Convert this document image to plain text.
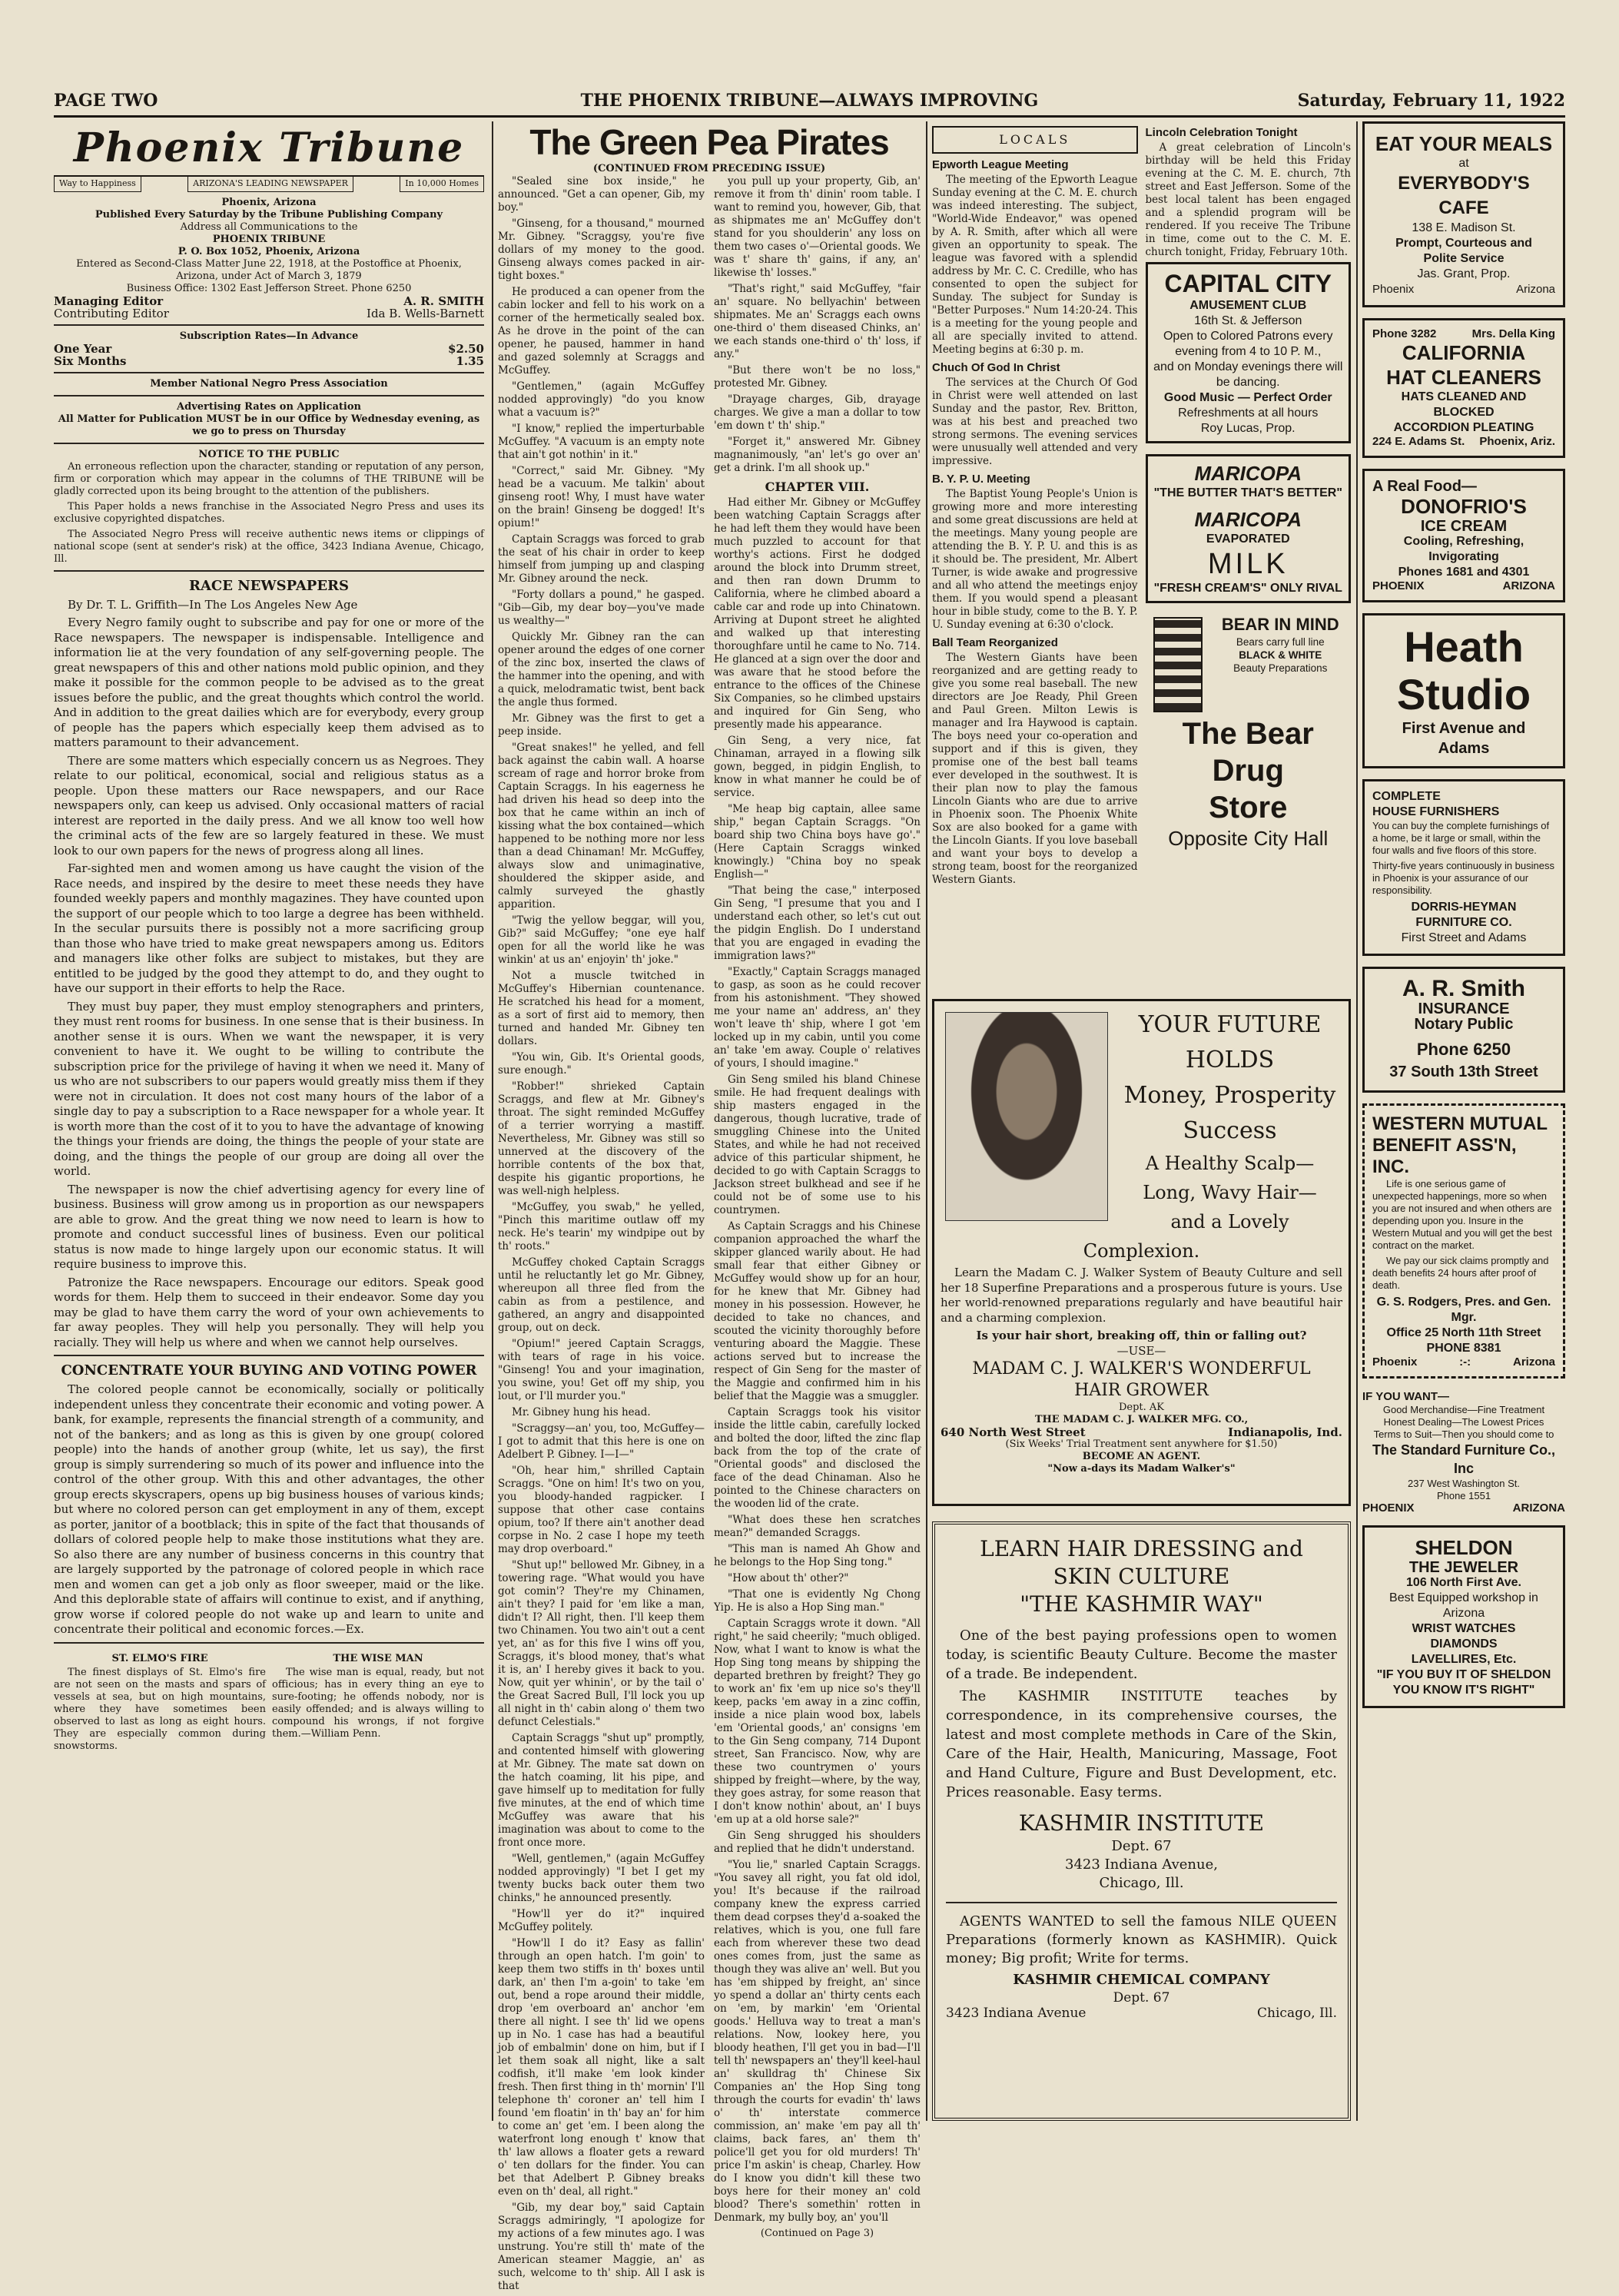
PAGE TWO	THE PHOENIX TRIBUNE—ALWAYS IMPROVING	Saturday, February 11, 1922
Phoenix Tribune
Way to Happiness	ARIZONA'S LEADING NEWSPAPER	In 10,000 Homes
Phoenix, Arizona
Published Every Saturday by the Tribune Publishing Company
Address all Communications to the
PHOENIX TRIBUNE
P. O. Box 1052, Phoenix, Arizona
Entered as Second-Class Matter June 22, 1918, at the Postoffice at Phoenix, Arizona, under Act of March 3, 1879
Business Office: 1302 East Jefferson Street. Phone 6250
Managing Editor	A. R. SMITH
Contributing Editor	Ida B. Wells-Barnett
Subscription Rates—In Advance
One Year	$2.50
Six Months	1.35
Member National Negro Press Association
Advertising Rates on Application
All Matter for Publication MUST be in our Office by Wednesday evening, as we go to press on Thursday
NOTICE TO THE PUBLIC

An erroneous reflection upon the character, standing or reputation of any person, firm or corporation which may appear in the columns of THE TRIBUNE will be gladly corrected upon its being brought to the attention of the publishers.

This Paper holds a news franchise in the Associated Negro Press and uses its exclusive copyrighted dispatches.

The Associated Negro Press will receive authentic news items or clippings of national scope (sent at sender's risk) at the office, 3423 Indiana Avenue, Chicago, Ill.

RACE NEWSPAPERS

By Dr. T. L. Griffith—In The Los Angeles New Age

Every Negro family ought to subscribe and pay for one or more of the Race newspapers. The newspaper is indispensable. Intelligence and information lie at the very foundation of any self-governing people. The great newspapers of this and other nations mold public opinion, and they make it possible for the common people to be advised as to the great issues before the public, and the great thoughts which control the world. And in addition to the great dailies which are for everybody, every group of people has the papers which especially keep them advised as to matters paramount to their advancement.

There are some matters which especially concern us as Negroes. They relate to our political, economical, social and religious status as a people. Upon these matters our Race newspapers, and our Race newspapers only, can keep us advised. Only occasional matters of racial interest are reported in the daily press. And we all know too well how the criminal acts of the few are so largely featured in these. We must look to our own papers for the news of progress along all lines.

Far-sighted men and women among us have caught the vision of the Race needs, and inspired by the desire to meet these needs they have founded weekly papers and monthly magazines. They have counted upon the support of our people which to too large a degree has been withheld. In the secular pursuits there is possibly not a more sacrificing group than those who have tried to make great newspapers among us. Editors and managers like other folks are subject to mistakes, but they are entitled to be judged by the good they attempt to do, and they ought to have our support in their efforts to help the Race.

They must buy paper, they must employ stenographers and printers, they must rent rooms for business. In one sense that is their business. In another sense it is ours. When we want the newspaper, it is very convenient to have it. We ought to be willing to contribute the subscription price for the privilege of having it when we need it. Many of us who are not subscribers to our papers would greatly miss them if they were not in circulation. It does not cost many hours of the labor of a single day to pay a subscription to a Race newspaper for a whole year. It is worth more than the cost of it to you to have the advantage of knowing the things your friends are doing, the things the people of your state are doing, and the things the people of our group are doing all over the world.

The newspaper is now the chief advertising agency for every line of business. Business will grow among us in proportion as our newspapers are able to grow. And the great thing we now need to learn is how to promote and conduct successful lines of business. Even our political status is now made to hinge largely upon our economic status. It will require business to improve this.

Patronize the Race newspapers. Encourage our editors. Speak good words for them. Help them to succeed in their endeavor. Some day you may be glad to have them carry the word of your own achievements to far away peoples. They will help you personally. They will help you racially. They will help us where and when we cannot help ourselves.

CONCENTRATE YOUR BUYING AND VOTING POWER

The colored people cannot be economically, socially or politically independent unless they concentrate their economic and voting power. A bank, for example, represents the financial strength of a community, and not of the bankers; and as long as this is given by one group( colored people) into the hands of another group (white, let us say), the first group is simply surrendering so much of its power and influence into the control of the other group. With this and other advantages, the other group erects skyscrapers, opens up big business houses of various kinds; but where no colored person can get employment in any of them, except as porter, janitor of a bootblack; this in spite of the fact that thousands of dollars of colored people help to make those institutions what they are. So also there are any number of business concerns in this country that are largely supported by the patronage of colored people in which race men and women can get a job only as floor sweeper, maid or the like. And this deplorable state of affairs will continue to exist, and if anything, grow worse if colored people do not wake up and learn to unite and concentrate their political and economic forces.—Ex.

ST. ELMO'S FIRE

The finest displays of St. Elmo's fire are not seen on the masts and spars of vessels at sea, but on high mountains, where they have sometimes been observed to last as long as eight hours. They are especially common during snowstorms.

THE WISE MAN

The wise man is equal, ready, but not officious; has in every thing an eye to sure-footing; he offends nobody, nor is easily offended; and is always willing to compound his wrongs, if not forgive them.—William Penn.

The Green Pea Pirates
(CONTINUED FROM PRECEDING ISSUE)

"Sealed sine box inside," he announced. "Get a can opener, Gib, my boy."

"Ginseng, for a thousand," mourned Mr. Gibney. "Scraggsy, you're five dollars of my money to the good. Ginseng always comes packed in air-tight boxes."

He produced a can opener from the cabin locker and fell to his work on a corner of the hermetically sealed box. As he drove in the point of the can opener, he paused, hammer in hand and gazed solemnly at Scraggs and McGuffey.

"Gentlemen," (again McGuffey nodded approvingly) "do you know what a vacuum is?"

"I know," replied the imperturbable McGuffey. "A vacuum is an empty note that ain't got nothin' in it."

"Correct," said Mr. Gibney. "My head be a vacuum. Me talkin' about ginseng root! Why, I must have water on the brain! Ginseng be dogged! It's opium!"

Captain Scraggs was forced to grab the seat of his chair in order to keep himself from jumping up and clasping Mr. Gibney around the neck.

"Forty dollars a pound," he gasped. "Gib—Gib, my dear boy—you've made us wealthy—"

Quickly Mr. Gibney ran the can opener around the edges of one corner of the zinc box, inserted the claws of the hammer into the opening, and with a quick, melodramatic twist, bent back the angle thus formed.

Mr. Gibney was the first to get a peep inside.

"Great snakes!" he yelled, and fell back against the cabin wall. A hoarse scream of rage and horror broke from Captain Scraggs. In his eagerness he had driven his head so deep into the box that he came within an inch of kissing what the box contained—which happened to be nothing more nor less than a dead Chinaman! Mr. McGuffey, always slow and unimaginative, shouldered the skipper aside, and calmly surveyed the ghastly apparition.

"Twig the yellow beggar, will you, Gib?" said McGuffey; "one eye half open for all the world like he was winkin' at us an' enjoyin' th' joke."

Not a muscle twitched in McGuffey's Hibernian countenance. He scratched his head for a moment, as a sort of first aid to memory, then turned and handed Mr. Gibney ten dollars.

"You win, Gib. It's Oriental goods, sure enough."

"Robber!" shrieked Captain Scraggs, and flew at Mr. Gibney's throat. The sight reminded McGuffey of a terrier worrying a mastiff. Nevertheless, Mr. Gibney was still so unnerved at the discovery of the horrible contents of the box that, despite his gigantic proportions, he was well-nigh helpless.

"McGuffey, you swab," he yelled, "Pinch this maritime outlaw off my neck. He's tearin' my windpipe out by th' roots."

McGuffey choked Captain Scraggs until he reluctantly let go Mr. Gibney, whereupon all three fled from the cabin as from a pestilence, and gathered, an angry and disappointed group, out on deck.

"Opium!" jeered Captain Scraggs, with tears of rage in his voice. "Ginseng! You and your imagination, you swine, you! Get off my ship, you lout, or I'll murder you."

Mr. Gibney hung his head.

"Scraggsy—an' you, too, McGuffey—I got to admit that this here is one on Adelbert P. Gibney. I—I—"

"Oh, hear him," shrilled Captain Scraggs. "One on him! It's two on you, you bloody-handed ragpicker. I suppose that other case contains opium, too? If there ain't another dead corpse in No. 2 case I hope my teeth may drop overboard."

"Shut up!" bellowed Mr. Gibney, in a towering rage. "What would you have got comin'? They're my Chinamen, ain't they? I paid for 'em like a man, didn't I? All right, then. I'll keep them two Chinamen. You two ain't out a cent yet, an' as for this five I wins off you, Scraggs, it's blood money, that's what it is, an' I hereby gives it back to you. Now, quit yer whinin', or by the tail o' the Great Sacred Bull, I'll lock you up all night in th' cabin along o' them two defunct Celestials."

Captain Scraggs "shut up" promptly, and contented himself with glowering at Mr. Gibney. The mate sat down on the hatch coaming, lit his pipe, and gave himself up to meditation for fully five minutes, at the end of which time McGuffey was aware that his imagination was about to come to the front once more.

"Well, gentlemen," (again McGuffey nodded approvingly) "I bet I get my twenty bucks back outer them two chinks," he announced presently.

"How'll yer do it?" inquired McGuffey politely.

"How'll I do it? Easy as fallin' through an open hatch. I'm goin' to keep them two stiffs in th' boxes until dark, an' then I'm a-goin' to take 'em out, bend a rope around their middle, drop 'em overboard an' anchor 'em there all night. I see th' lid we opens up in No. 1 case has had a beautiful job of embalmin' done on him, but if I let them soak all night, like a salt codfish, it'll make 'em look kinder fresh. Then first thing in th' mornin' I'll telephone th' coroner an' tell him I found 'em floatin' in th' bay an' for him to come an' get 'em. I been along the waterfront long enough t' know that th' law allows a floater gets a reward o' ten dollars for the finder. You can bet that Adelbert P. Gibney breaks even on th' deal, all right."

"Gib, my dear boy," said Captain Scraggs admiringly, "I apologize for my actions of a few minutes ago. I was unstrung. You're still th' mate of the American steamer Maggie, an' as such, welcome to th' ship. All I ask is that

you pull up your property, Gib, an' remove it from th' dinin' room table. I want to remind you, however, Gib, that as shipmates me an' McGuffey don't stand for you shoulderin' any loss on them two cases o'—Oriental goods. We was t' share th' gains, if any, an' likewise th' losses."

"That's right," said McGuffey, "fair an' square. No bellyachin' between shipmates. Me an' Scraggs each owns one-third o' them diseased Chinks, an' we each stands one-third o' th' loss, if any."

"But there won't be no loss," protested Mr. Gibney.

"Drayage charges, Gib, drayage charges. We give a man a dollar to tow 'em down t' th' ship."

"Forget it," answered Mr. Gibney magnanimously, "an' let's go over an' get a drink. I'm all shook up."

CHAPTER VIII.

Had either Mr. Gibney or McGuffey been watching Captain Scraggs after he had left them they would have been much puzzled to account for that worthy's actions. First he dodged around the block into Drumm street, and then ran down Drumm to California, where he climbed aboard a cable car and rode up into Chinatown. Arriving at Dupont street he alighted and walked up that interesting thoroughfare until he came to No. 714. He glanced at a sign over the door and was aware that he stood before the entrance to the offices of the Chinese Six Companies, so he climbed upstairs and inquired for Gin Seng, who presently made his appearance.

Gin Seng, a very nice, fat Chinaman, arrayed in a flowing silk gown, begged, in pidgin English, to know in what manner he could be of service.

"Me heap big captain, allee same ship," began Captain Scraggs. "On board ship two China boys have go'." (Here Captain Scraggs winked knowingly.) "China boy no speak English—"

"That being the case," interposed Gin Seng, "I presume that you and I understand each other, so let's cut out the pidgin English. Do I understand that you are engaged in evading the immigration laws?"

"Exactly," Captain Scraggs managed to gasp, as soon as he could recover from his astonishment. "They showed me your name an' address, an' they won't leave th' ship, where I got 'em locked up in my cabin, until you come an' take 'em away. Couple o' relatives of yours, I should imagine."

Gin Seng smiled his bland Chinese smile. He had frequent dealings with ship masters engaged in the dangerous, though lucrative, trade of smuggling Chinese into the United States, and while he had not received advice of this particular shipment, he decided to go with Captain Scraggs to Jackson street bulkhead and see if he could not be of some use to his countrymen.

As Captain Scraggs and his Chinese companion approached the wharf the skipper glanced warily about. He had small fear that either Gibney or McGuffey would show up for an hour, for he knew that Mr. Gibney had money in his possession. However, he decided to take no chances, and scouted the vicinity thoroughly before venturing aboard the Maggie. These actions served but to increase the respect of Gin Seng for the master of the Maggie and confirmed him in his belief that the Maggie was a smuggler.

Captain Scraggs took his visitor inside the little cabin, carefully locked and bolted the door, lifted the zinc flap back from the top of the crate of "Oriental goods" and disclosed the face of the dead Chinaman. Also he pointed to the Chinese characters on the wooden lid of the crate.

"What does these hen scratches mean?" demanded Scraggs.

"This man is named Ah Ghow and he belongs to the Hop Sing tong."

"How about th' other?"

"That one is evidently Ng Chong Yip. He is also a Hop Sing man."

Captain Scraggs wrote it down. "All right," he said cheerily; "much obliged. Now, what I want to know is what the Hop Sing tong means by shipping the departed brethren by freight? They go to work an' fix 'em up nice so's they'll keep, packs 'em away in a zinc coffin, inside a nice plain wood box, labels 'em 'Oriental goods,' an' consigns 'em to the Gin Seng company, 714 Dupont street, San Francisco. Now, why are these two countrymen o' yours shipped by freight—where, by the way, they goes astray, for some reason that I don't know nothin' about, an' I buys 'em up at a old horse sale?"

Gin Seng shrugged his shoulders and replied that he didn't understand.

"You lie," snarled Captain Scraggs. "You savey all right, you fat old idol, you! It's because if the railroad company knew the express carried them dead corpses they'd a-soaked the relatives, which is you, one full fare each from wherever these two dead ones comes from, just the same as though they was alive an' well. But you has 'em shipped by freight, an' since yo spend a dollar an' thirty cents each on 'em, by markin' 'em 'Oriental goods.' Helluva way to treat a man's relations. Now, lookey here, you bloody heathen, I'll get you in bad—I'll tell th' newspapers an' they'll keel-haul an' skulldrag th' Chinese Six Companies an' the Hop Sing tong through the courts for evadin' th' laws o' th' interstate commerce commission, an' make 'em pay all th' claims, back fares, an' them th' police'll get you for old murders! Th' price I'm askin' is cheap, Charley. How do I know you didn't kill these two boys here for their money an' cold blood? There's somethin' rotten in Denmark, my bully boy, an' you'll

(Continued on Page 3)
LOCALS
Epworth League Meeting

The meeting of the Epworth League Sunday evening at the C. M. E. church was indeed interesting. The subject, "World-Wide Endeavor," was opened by A. R. Smith, after which all were given an opportunity to speak. The league was favored with a splendid address by Mr. C. C. Credille, who has consented to open the subject for Sunday. The subject for Sunday is "Better Purposes." Num 14:20-24. This is a meeting for the young people and all are specially invited to attend. Meeting begins at 6:30 p. m.

Chuch Of God In Christ

The services at the Church Of God in Christ were well attended on last Sunday and the pastor, Rev. Britton, was at his best and preached two strong sermons. The evening services were unusually well attended and very impressive.

B. Y. P. U. Meeting

The Baptist Young People's Union is growing more and more interesting and some great discussions are held at the meetings. Many young people are attending the B. Y. P. U. and this is as it should be. The president, Mr. Albert Turner, is wide awake and progressive and all who attend the meetings enjoy them. If you would spend a pleasant hour in bible study, come to the B. Y. P. U. Sunday evening at 6:30 o'clock.

Ball Team Reorganized

The Western Giants have been reorganized and are getting ready to give you some real baseball. The new directors are Joe Ready, Phil Green and Paul Green. Milton Lewis is manager and Ira Haywood is captain. The boys need your co-operation and support and if this is given, they promise one of the best ball teams ever developed in the southwest. It is their plan now to play the famous Lincoln Giants who are due to arrive in Phoenix soon. The Phoenix White Sox are also booked for a game with the Lincoln Giants. If you love baseball and want your boys to develop a strong team, boost for the reorganized Western Giants.

Lincoln Celebration Tonight

A great celebration of Lincoln's birthday will be held this Friday evening at the C. M. E. church, 7th street and East Jefferson. Some of the best local talent has been engaged and a splendid program will be rendered. If you receive The Tribune in time, come out to the C. M. E. church tonight, Friday, February 10th.

CAPITAL CITY
AMUSEMENT CLUB
16th St. & Jefferson
Open to Colored Patrons every evening from 4 to 10 P. M.,
and on Monday evenings there will be dancing.
Good Music — Perfect Order
Refreshments at all hours
Roy Lucas, Prop.
MARICOPA
"THE BUTTER THAT'S BETTER"
MARICOPA
EVAPORATED
MILK
"FRESH CREAM'S" ONLY RIVAL
BEAR IN MIND
Bears carry full line
BLACK & WHITE
Beauty Preparations
The Bear Drug
Store
Opposite City Hall
YOUR FUTURE
HOLDS
Money, Prosperity
Success
A Healthy Scalp—
Long, Wavy Hair—
and a Lovely Complexion.

Learn the Madam C. J. Walker System of Beauty Culture and sell her 18 Superfine Preparations and a prosperous future is yours. Use her world-renowned preparations regularly and have beautiful hair and a charming complexion.

Is your hair short, breaking off, thin or falling out?
—USE—
MADAM C. J. WALKER'S WONDERFUL
HAIR GROWER
Dept. AK
THE MADAM C. J. WALKER MFG. CO.,
640 North West Street	Indianapolis, Ind.
(Six Weeks' Trial Treatment sent anywhere for $1.50)
BECOME AN AGENT.
"Now a-days its Madam Walker's"
LEARN HAIR DRESSING and
SKIN CULTURE
"THE KASHMIR WAY"

One of the best paying professions open to women today, is scientific Beauty Culture. Become the master of a trade. Be independent.

The KASHMIR INSTITUTE teaches by correspondence, in its comprehensive courses, the latest and most complete methods in Care of the Skin, Care of the Hair, Health, Manicuring, Massage, Foot and Hand Culture, Figure and Bust Development, etc. Prices reasonable. Easy terms.

KASHMIR INSTITUTE
Dept. 67
3423 Indiana Avenue,
Chicago, Ill.

AGENTS WANTED to sell the famous NILE QUEEN Preparations (formerly known as KASHMIR). Quick money; Big profit; Write for terms.

KASHMIR CHEMICAL COMPANY
Dept. 67
3423 Indiana Avenue	Chicago, Ill.
EAT YOUR MEALS
at
EVERYBODY'S CAFE
138 E. Madison St.
Prompt, Courteous and
Polite Service
Jas. Grant, Prop.
Phoenix	Arizona
Phone 3282	Mrs. Della King
CALIFORNIA
HAT CLEANERS
HATS CLEANED AND BLOCKED
ACCORDION PLEATING
224 E. Adams St. Phoenix, Ariz.
A Real Food—
DONOFRIO'S
ICE CREAM
Cooling, Refreshing, Invigorating
Phones 1681 and 4301
PHOENIX	ARIZONA
Heath
Studio
First Avenue and
Adams
COMPLETE
HOUSE FURNISHERS

You can buy the complete furnishings of a home, be it large or small, within the four walls and five floors of this store.

Thirty-five years continuously in business in Phoenix is your assurance of our responsibility.

DORRIS-HEYMAN
FURNITURE CO.
First Street and Adams
A. R. Smith
INSURANCE
Notary Public
Phone 6250
37 South 13th Street
WESTERN MUTUAL
BENEFIT ASS'N, INC.

Life is one serious game of unexpected happenings, more so when you are not insured and when others are depending upon you. Insure in the Western Mutual and you will get the best contract on the market.

We pay our sick claims promptly and death benefits 24 hours after proof of death.

G. S. Rodgers, Pres. and Gen. Mgr.
Office 25 North 11th Street
PHONE 8381
Phoenix	:-:	Arizona
IF YOU WANT—
Good Merchandise—Fine Treatment
Honest Dealing—The Lowest Prices
Terms to Suit—Then you should come to
The Standard Furniture Co., Inc
237 West Washington St.
Phone 1551
PHOENIX	ARIZONA
SHELDON
THE JEWELER
106 North First Ave.
Best Equipped workshop in Arizona
WRIST WATCHES
DIAMONDS
LAVELLIRES, Etc.
"IF YOU BUY IT OF SHELDON YOU KNOW IT'S RIGHT"
